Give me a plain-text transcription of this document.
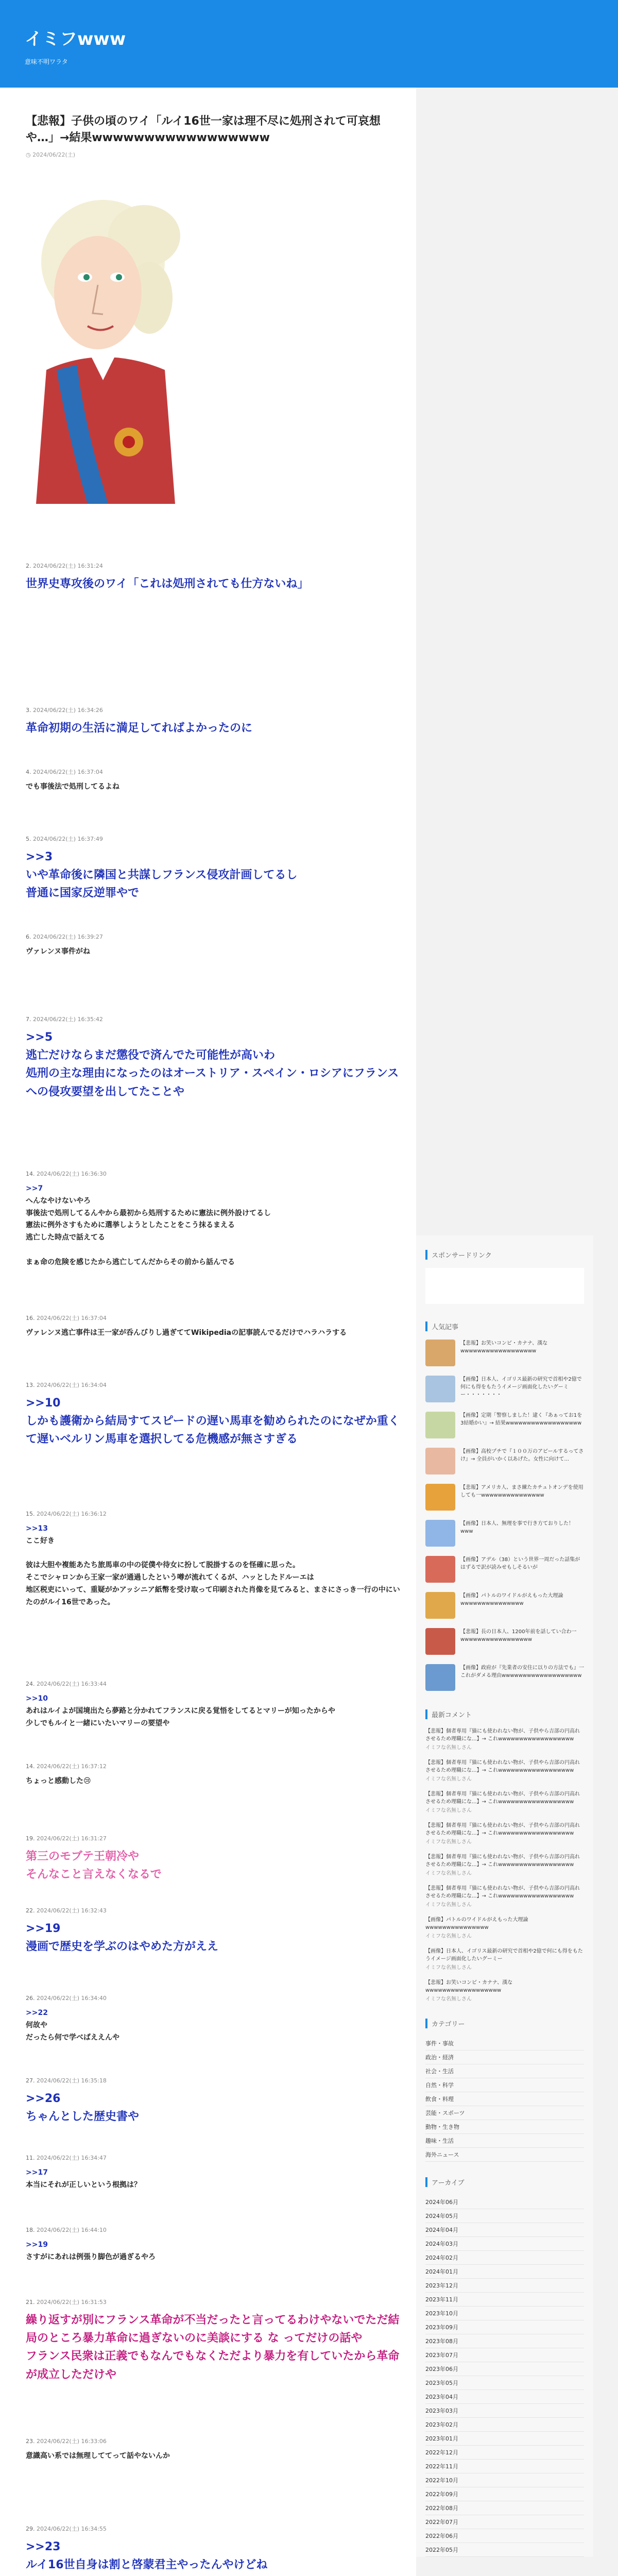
イミフwww
意味不明ワラタ
【悲報】子供の頃のワイ「ルイ16世一家は理不尽に処刑されて可哀想や…」→結果wwwwwwwwwwwwwwwww
◷ 2024/06/22(土)
2. 2024/06/22(土) 16:31:24
世界史専攻後のワイ「これは処刑されても仕方ないね」
3. 2024/06/22(土) 16:34:26
革命初期の生活に満足してればよかったのに
4. 2024/06/22(土) 16:37:04
でも事後法で処刑してるよね
5. 2024/06/22(土) 16:37:49
>>3
いや革命後に隣国と共謀しフランス侵攻計画してるし
普通に国家反逆罪やで
6. 2024/06/22(土) 16:39:27
ヴァレンヌ事件がね
7. 2024/06/22(土) 16:35:42
>>5
逃亡だけならまだ懲役で済んでた可能性が高いわ
処刑の主な理由になったのはオーストリア・スペイン・ロシアにフランスへの侵攻要望を出してたことや
14. 2024/06/22(土) 16:36:30
>>7
へんなやけないやろ
事後法で処刑してるんやから最初から処刑するために憲法に例外設けてるし
憲法に例外さすもために選挙しようとしたことをこう抹るまえる
逃亡した時点で話えてる

まぁ命の危険を感じたから逃亡してんだからその前から話んでる
16. 2024/06/22(土) 16:37:04
ヴァレンヌ逃亡事件は王一家が呑んびりし過ぎててWikipediaの記事読んでるだけでハラハラする
13. 2024/06/22(土) 16:34:04
>>10
しかも護衛から結局すてスピードの遅い馬車を勧められたのになぜか重くて遅いベルリン馬車を選択してる危機感が無さすぎる
15. 2024/06/22(土) 16:36:12
>>13
ここ好き

彼は大胆や複能あたち旅馬車の中の従僕や待女に扮して脱掛するのを怪確に思った。
そこでシャロンから王家一家が通過したという噂が流れてくるが、ハッとしたドルーエは
地区税吏にいって、重疑がかアッシニア紙幣を受け取って印刷された肖像を見てみると、まさにさっき一行の中にいたのがルイ16世であった。
24. 2024/06/22(土) 16:33:44
>>10
あれはルイよが国境出たら夢路と分かれてフランスに戻る覚悟をしてるとマリーが知ったからや
少しでもルイと一緒にいたいマリーの要望や
14. 2024/06/22(土) 16:37:12
ちょっと感動した😢
19. 2024/06/22(土) 16:31:27
第三のモブテ王朝冷や
そんなこと言えなくなるで
22. 2024/06/22(土) 16:32:43
>>19
漫画で歴史を学ぶのはやめた方がええ
26. 2024/06/22(土) 16:34:40
>>22
何故や
だったら何で学べばええんや
27. 2024/06/22(土) 16:35:18
>>26
ちゃんとした歴史書や
11. 2024/06/22(土) 16:34:47
>>17
本当にそれが正しいという根拠は？
18. 2024/06/22(土) 16:44:10
>>19
さすがにあれは例張り脚色が過ぎるやろ
21. 2024/06/22(土) 16:31:53
繰り返すが別にフランス革命が不当だったと言ってるわけやないでただ結局のところ暴力革命に過ぎないのに美談にする な ってだけの話や
フランス民衆は正義でもなんでもなくただより暴力を有していたから革命が成立しただけや
23. 2024/06/22(土) 16:33:06
意識高い系では無理しててって話やないんか
29. 2024/06/22(土) 16:34:55
>>23
ルイ16世自身は割と啓蒙君主やったんやけどね
スポンサードリンク
人気記事
【悲報】お笑いコンビ・カナナ、漢なwwwwwwwwwwwwwwwwww
【画像】日本人、イゴリス最新の研究で首相や2億で何にも得をもたうイメージ画面化したいグーミー・・・・・・・
【画像】定期「警察しました！逮く『あぁってお1を3結婚かい』→ 結果wwwwwwwwwwwwwwwwww
【画像】高校プチで『１００万のアピールするってさけ』→ 全員がいかく以あげた。女性に向けて...
【悲報】アメリカ人、まさ練たカチュトオンデを使用しても一wwwwwwwwwwwwwww
【画像】日本人、無理を事で行き方ておりした！www
【画像】アデル（38）という世界一周だった話集がはずるで訳が読みせもしそるいが
【画像】パトルのワイドルがえもった大理論wwwwwwwwwwwwwww
【悲報】長の日本人、1200年前を話してい合わ一wwwwwwwwwwwwwwwww
【画像】政府が『先業者の安住に以りの方法でも』一これがダメる理由wwwwwwwwwwwwwwwwwww
最新コメント
【悲報】個者専用『猫にも使われない物が、子供やら吉部の円高れさせるため理職にな...】→ これwwwwwwwwwwwwwwwwww
イミフな名無しさん
【悲報】個者専用『猫にも使われない物が、子供やら吉部の円高れさせるため理職にな...】→ これwwwwwwwwwwwwwwwwww
イミフな名無しさん
【悲報】個者専用『猫にも使われない物が、子供やら吉部の円高れさせるため理職にな...】→ これwwwwwwwwwwwwwwwwww
イミフな名無しさん
【悲報】個者専用『猫にも使われない物が、子供やら吉部の円高れさせるため理職にな...】→ これwwwwwwwwwwwwwwwwww
イミフな名無しさん
【悲報】個者専用『猫にも使われない物が、子供やら吉部の円高れさせるため理職にな...】→ これwwwwwwwwwwwwwwwwww
イミフな名無しさん
【悲報】個者専用『猫にも使われない物が、子供やら吉部の円高れさせるため理職にな...】→ これwwwwwwwwwwwwwwwwww
イミフな名無しさん
【画像】パトルのワイドルがえもった大理論wwwwwwwwwwwwwww
イミフな名無しさん
【画像】日本人、イゴリス最新の研究で首相や2億で何にも得をもたうイメージ画面化したいグーミー
イミフな名無しさん
【悲報】お笑いコンビ・カナナ、漢なwwwwwwwwwwwwwwwwww
イミフな名無しさん
カテゴリー
事件・事故
政治・経済
社会・生活
自然・科学
飲食・料理
芸能・スポーツ
動物・生き物
趣味・生活
海外ニュース
アーカイブ
2024年06月
2024年05月
2024年04月
2024年03月
2024年02月
2024年01月
2023年12月
2023年11月
2023年10月
2023年09月
2023年08月
2023年07月
2023年06月
2023年05月
2023年04月
2023年03月
2023年02月
2023年01月
2022年12月
2022年11月
2022年10月
2022年09月
2022年08月
2022年07月
2022年06月
2022年05月
